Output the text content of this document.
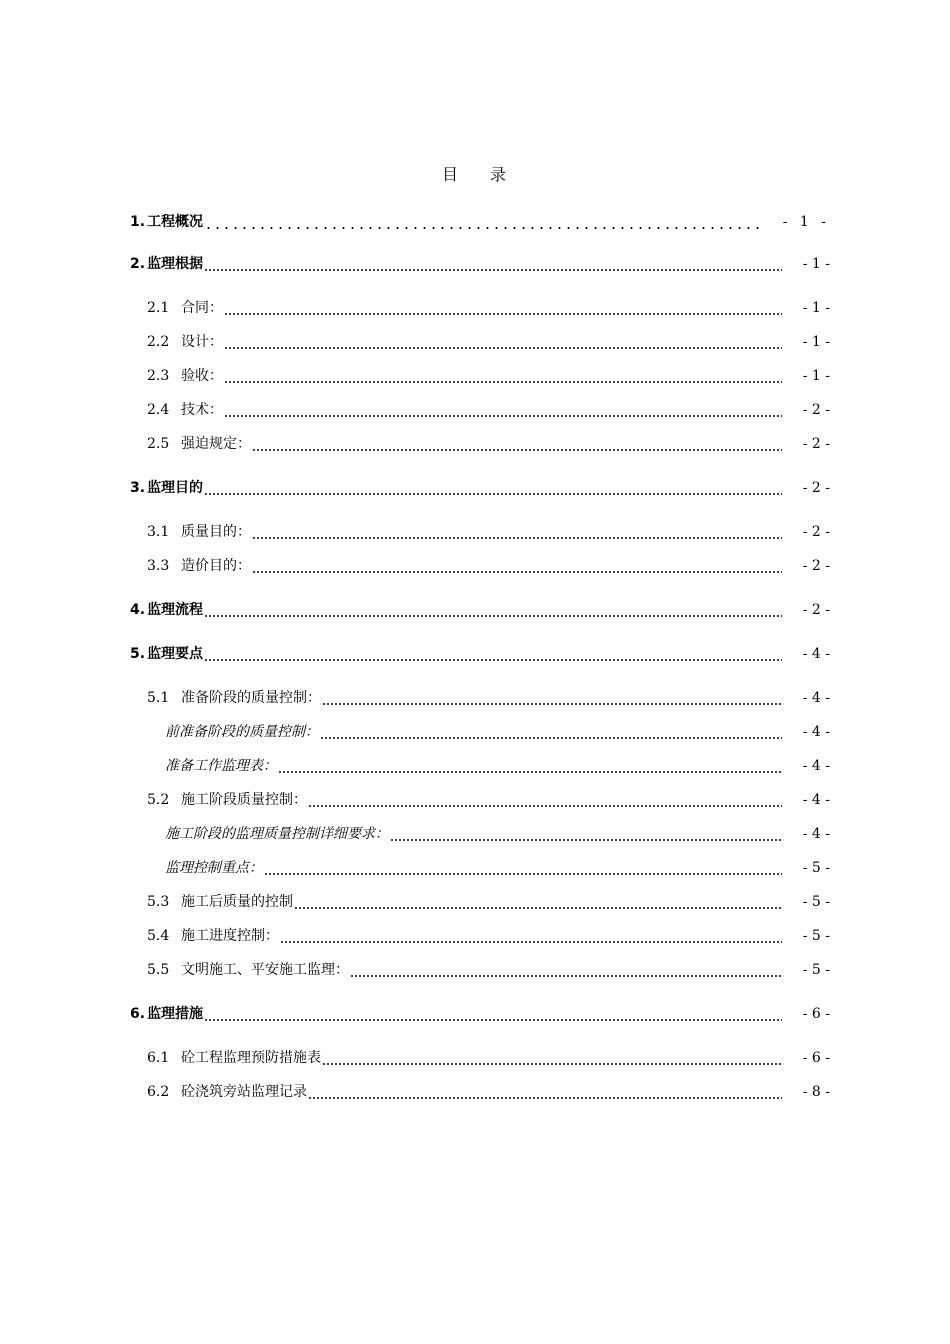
目 录
1. 工程概况	- 1 -
2. 监理根据	- 1 -
2.1 合同：	- 1 -
2.2 设计：	- 1 -
2.3 验收：	- 1 -
2.4 技术：	- 2 -
2.5 强迫规定：	- 2 -
3. 监理目的	- 2 -
3.1 质量目的：	- 2 -
3.3 造价目的：	- 2 -
4. 监理流程	- 2 -
5. 监理要点	- 4 -
5.1 准备阶段的质量控制：	- 4 -
前准备阶段的质量控制：	- 4 -
准备工作监理表：	- 4 -
5.2 施工阶段质量控制：	- 4 -
施工阶段的监理质量控制详细要求：	- 4 -
监理控制重点：	- 5 -
5.3 施工后质量的控制	- 5 -
5.4 施工进度控制：	- 5 -
5.5 文明施工、平安施工监理：	- 5 -
6. 监理措施	- 6 -
6.1 砼工程监理预防措施表	- 6 -
6.2 砼浇筑旁站监理记录	- 8 -
